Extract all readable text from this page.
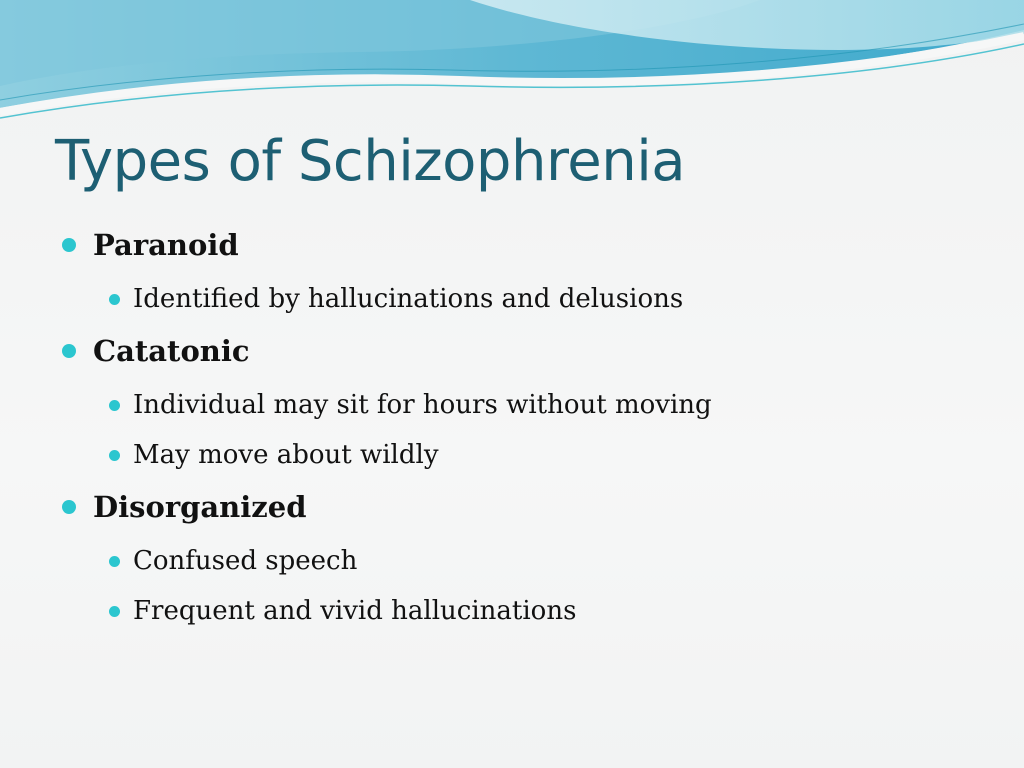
Types of Schizophrenia
Paranoid
Identified by hallucinations and delusions
Catatonic
Individual may sit for hours without moving
May move about wildly
Disorganized
Confused speech
Frequent and vivid hallucinations
